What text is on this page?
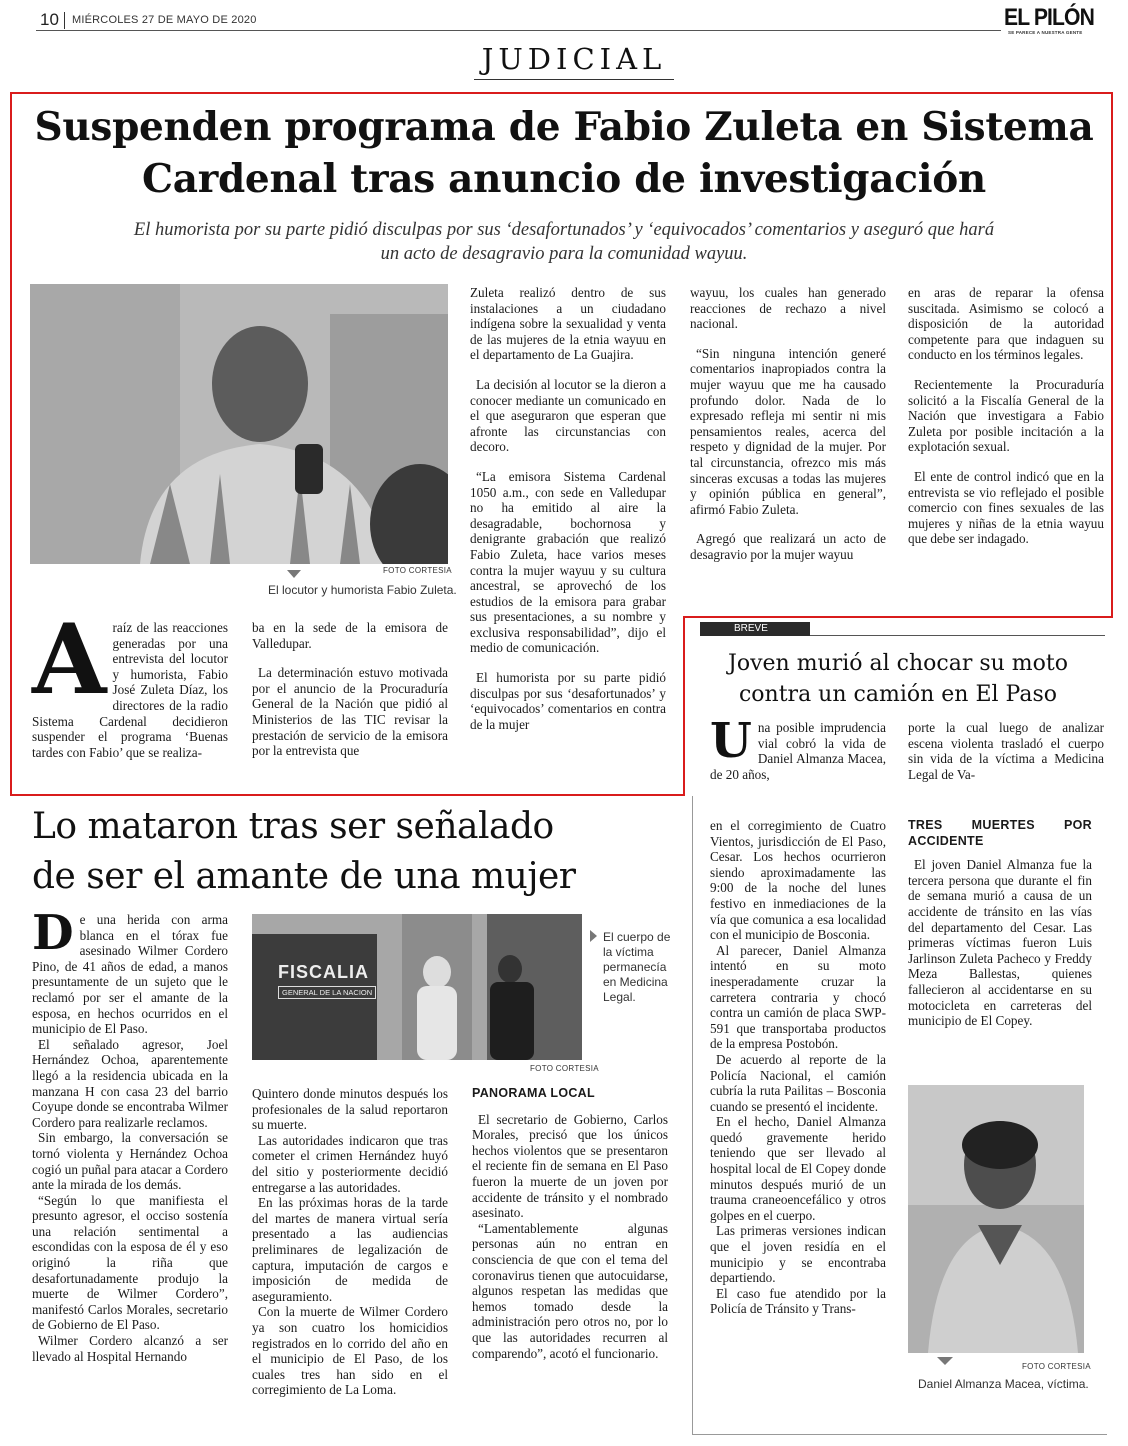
10 MIÉRCOLES 27 DE MAYO DE 2020	EL PILÓN
SE PARECE A NUESTRA GENTE
JUDICIAL
Suspenden programa de Fabio Zuleta en Sistema
Cardenal tras anuncio de investigación
El humorista por su parte pidió disculpas por sus ‘desafortunados’ y ‘equivocados’ comentarios y aseguró que hará
un acto de desagravio para la comunidad wayuu.
FOTO CORTESIA
El locutor y humorista Fabio Zuleta.
A raíz de las reacciones generadas por una entrevista del locutor y humorista, Fabio José Zuleta Díaz, los directores de la radio Sistema Cardenal decidieron suspender el programa ‘Buenas tardes con Fabio’ que se realiza-

ba en la sede de la emisora de Valledupar.

La determinación estuvo motivada por el anuncio de la Procuraduría General de la Nación que pidió al Ministerios de las TIC revisar la prestación de servicio de la emisora por la entrevista que

Zuleta realizó dentro de sus instalaciones a un ciudadano indígena sobre la sexualidad y venta de las mujeres de la etnia wayuu en el departamento de La Guajira.

La decisión al locutor se la dieron a conocer mediante un comunicado en el que aseguraron que esperan que afronte las circunstancias con decoro.

“La emisora Sistema Cardenal 1050 a.m., con sede en Valledupar no ha emitido al aire la desagradable, bochornosa y denigrante grabación que realizó Fabio Zuleta, hace varios meses contra la mujer wayuu y su cultura ancestral, se aprovechó de los estudios de la emisora para grabar sus presentaciones, a su nombre y exclusiva responsabilidad”, dijo el medio de comunicación.

El humorista por su parte pidió disculpas por sus ‘desafortunados’ y ‘equivocados’ comentarios en contra de la mujer

wayuu, los cuales han generado reacciones de rechazo a nivel nacional.

“Sin ninguna intención generé comentarios inapropiados contra la mujer wayuu que me ha causado profundo dolor. Nada de lo expresado refleja mi sentir ni mis pensamientos reales, acerca del respeto y dignidad de la mujer. Por tal circunstancia, ofrezco mis más sinceras excusas a todas las mujeres y opinión pública en general”, afirmó Fabio Zuleta.

Agregó que realizará un acto de desagravio por la mujer wayuu

en aras de reparar la ofensa suscitada. Asimismo se colocó a disposición de la autoridad competente para que indaguen su conducto en los términos legales.

Recientemente la Procuraduría solicitó a la Fiscalía General de la Nación que investigara a Fabio Zuleta por posible incitación a la explotación sexual.

El ente de control indicó que en la entrevista se vio reflejado el posible comercio con fines sexuales de las mujeres y niñas de la etnia wayuu que debe ser indagado.

BREVE
Joven murió al chocar su moto
contra un camión en El Paso
U na posible imprudencia vial cobró la vida de Daniel Almanza Macea, de 20 años,
porte la cual luego de analizar escena violenta trasladó el cuerpo sin vida de la víctima a Medicina Legal de Va-
Lo mataron tras ser señalado
de ser el amante de una mujer
D e una herida con arma blanca en el tórax fue asesinado Wilmer Cordero Pino, de 41 años de edad, a manos presuntamente de un sujeto que le reclamó por ser el amante de la esposa, en hechos ocurridos en el municipio de El Paso.

El señalado agresor, Joel Hernández Ochoa, aparentemente llegó a la residencia ubicada en la manzana H con casa 23 del barrio Coyupe donde se encontraba Wilmer Cordero para realizarle reclamos.

Sin embargo, la conversación se tornó violenta y Hernández Ochoa cogió un puñal para atacar a Cordero ante la mirada de los demás.

“Según lo que manifiesta el presunto agresor, el occiso sostenía una relación sentimental a escondidas con la esposa de él y eso originó la riña que desafortunadamente produjo la muerte de Wilmer Cordero”, manifestó Carlos Morales, secretario de Gobierno de El Paso.

Wilmer Cordero alcanzó a ser llevado al Hospital Hernando

FISCALIA
GENERAL DE LA NACION
FOTO CORTESIA
El cuerpo de la víctima permanecía en Medicina Legal.

Quintero donde minutos después los profesionales de la salud reportaron su muerte.

Las autoridades indicaron que tras cometer el crimen Hernández huyó del sitio y posteriormente decidió entregarse a las autoridades.

En las próximas horas de la tarde del martes de manera virtual sería presentado a las audiencias preliminares de legalización de captura, imputación de cargos e imposición de medida de aseguramiento.

Con la muerte de Wilmer Cordero ya son cuatro los homicidios registrados en lo corrido del año en el municipio de El Paso, de los cuales tres han sido en el corregimiento de La Loma.

PANORAMA LOCAL

El secretario de Gobierno, Carlos Morales, precisó que los únicos hechos violentos que se presentaron el reciente fin de semana en El Paso fueron la muerte de un joven por accidente de tránsito y el nombrado asesinato.

“Lamentablemente algunas personas aún no entran en consciencia de que con el tema del coronavirus tienen que autocuidarse, algunos respetan las medidas que hemos tomado desde la administración pero otros no, por lo que las autoridades recurren al comparendo”, acotó el funcionario.

en el corregimiento de Cuatro Vientos, jurisdicción de El Paso, Cesar. Los hechos ocurrieron siendo aproximadamente las 9:00 de la noche del lunes festivo en inmediaciones de la vía que comunica a esa localidad con el municipio de Bosconia.

Al parecer, Daniel Almanza intentó en su moto inesperadamente cruzar la carretera contraria y chocó contra un camión de placa SWP-591 que transportaba productos de la empresa Postobón.

De acuerdo al reporte de la Policía Nacional, el camión cubría la ruta Pailitas – Bosconia cuando se presentó el incidente.

En el hecho, Daniel Almanza quedó gravemente herido teniendo que ser llevado al hospital local de El Copey donde minutos después murió de un trauma craneoencefálico y otros golpes en el cuerpo.

Las primeras versiones indican que el joven residía en el municipio y se encontraba departiendo.

El caso fue atendido por la Policía de Tránsito y Trans-

TRES MUERTES POR ACCIDENTE

El joven Daniel Almanza fue la tercera persona que durante el fin de semana murió a causa de un accidente de tránsito en las vías del departamento del Cesar. Las primeras víctimas fueron Luis Jarlinson Zuleta Pacheco y Freddy Meza Ballestas, quienes fallecieron al accidentarse en su motocicleta en carreteras del municipio de El Copey.

FOTO CORTESIA
Daniel Almanza Macea, víctima.
